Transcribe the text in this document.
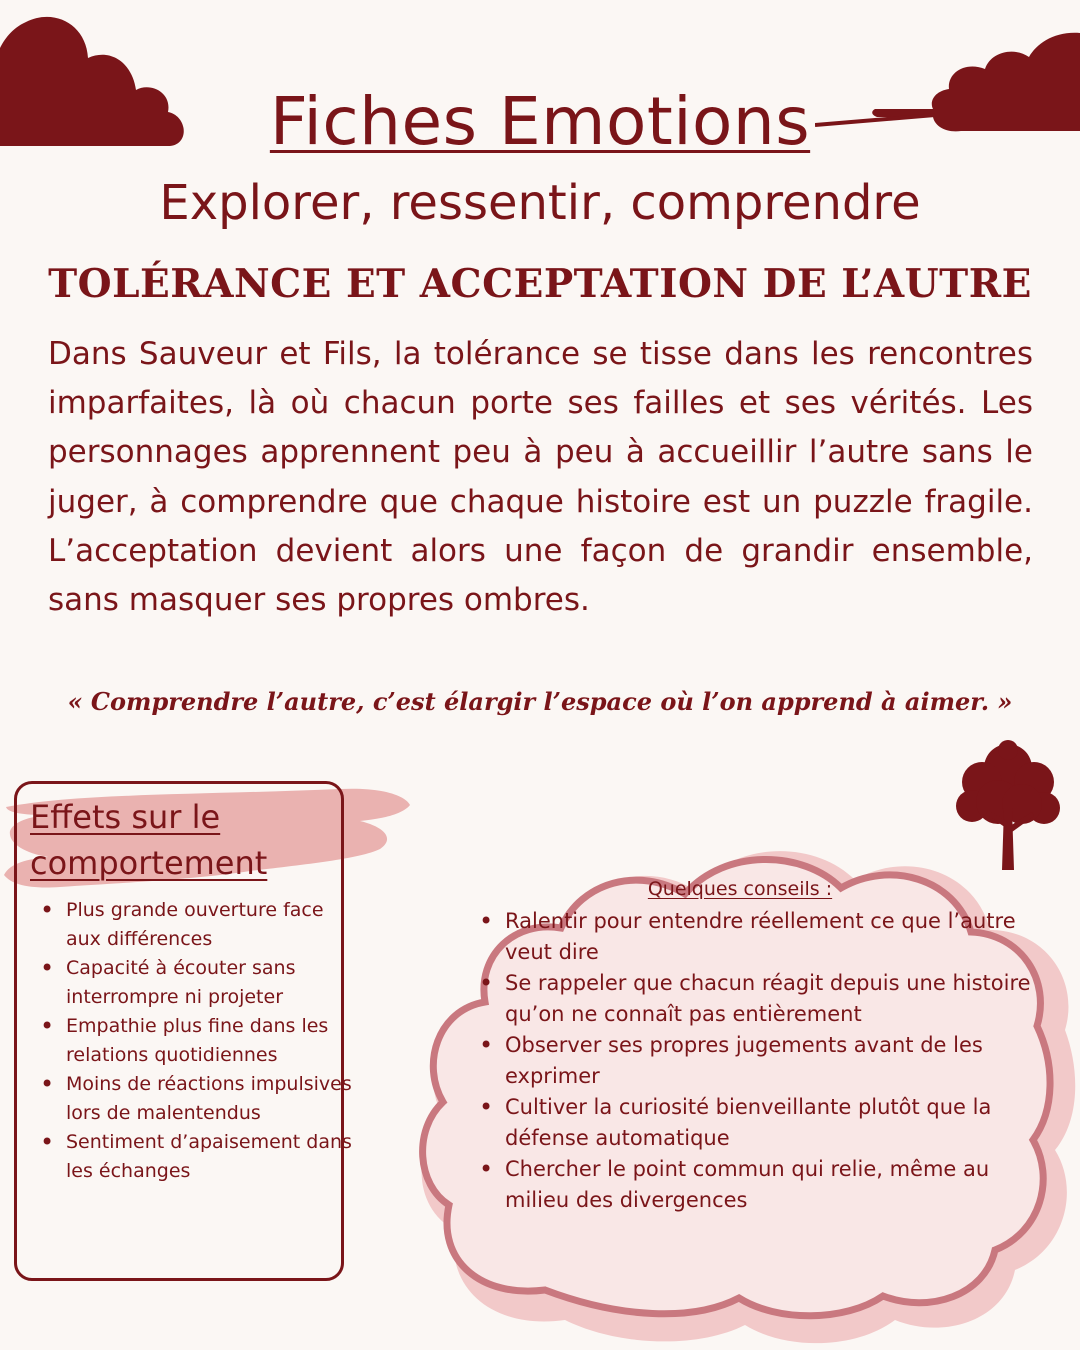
Fiches Emotions
Explorer, ressentir, comprendre
TOLÉRANCE ET ACCEPTATION DE L’AUTRE
Dans Sauveur et Fils, la tolérance se tisse dans les rencontres imparfaites, là où chacun porte ses failles et ses vérités. Les personnages apprennent peu à peu à accueillir l’autre sans le juger, à comprendre que chaque histoire est un puzzle fragile. L’acceptation devient alors une façon de grandir ensemble, sans masquer ses propres ombres.
« Comprendre l’autre, c’est élargir l’espace où l’on apprend à aimer. »
Effets sur le
comportement
• Plus grande ouverture face aux différences
• Capacité à écouter sans interrompre ni projeter
• Empathie plus fine dans les relations quotidiennes
• Moins de réactions impulsives lors de malentendus
• Sentiment d’apaisement dans les échanges
Quelques conseils :
• Ralentir pour entendre réellement ce que l’autre veut dire
• Se rappeler que chacun réagit depuis une histoire qu’on ne connaît pas entièrement
• Observer ses propres jugements avant de les exprimer
• Cultiver la curiosité bienveillante plutôt que la défense automatique
• Chercher le point commun qui relie, même au milieu des divergences
